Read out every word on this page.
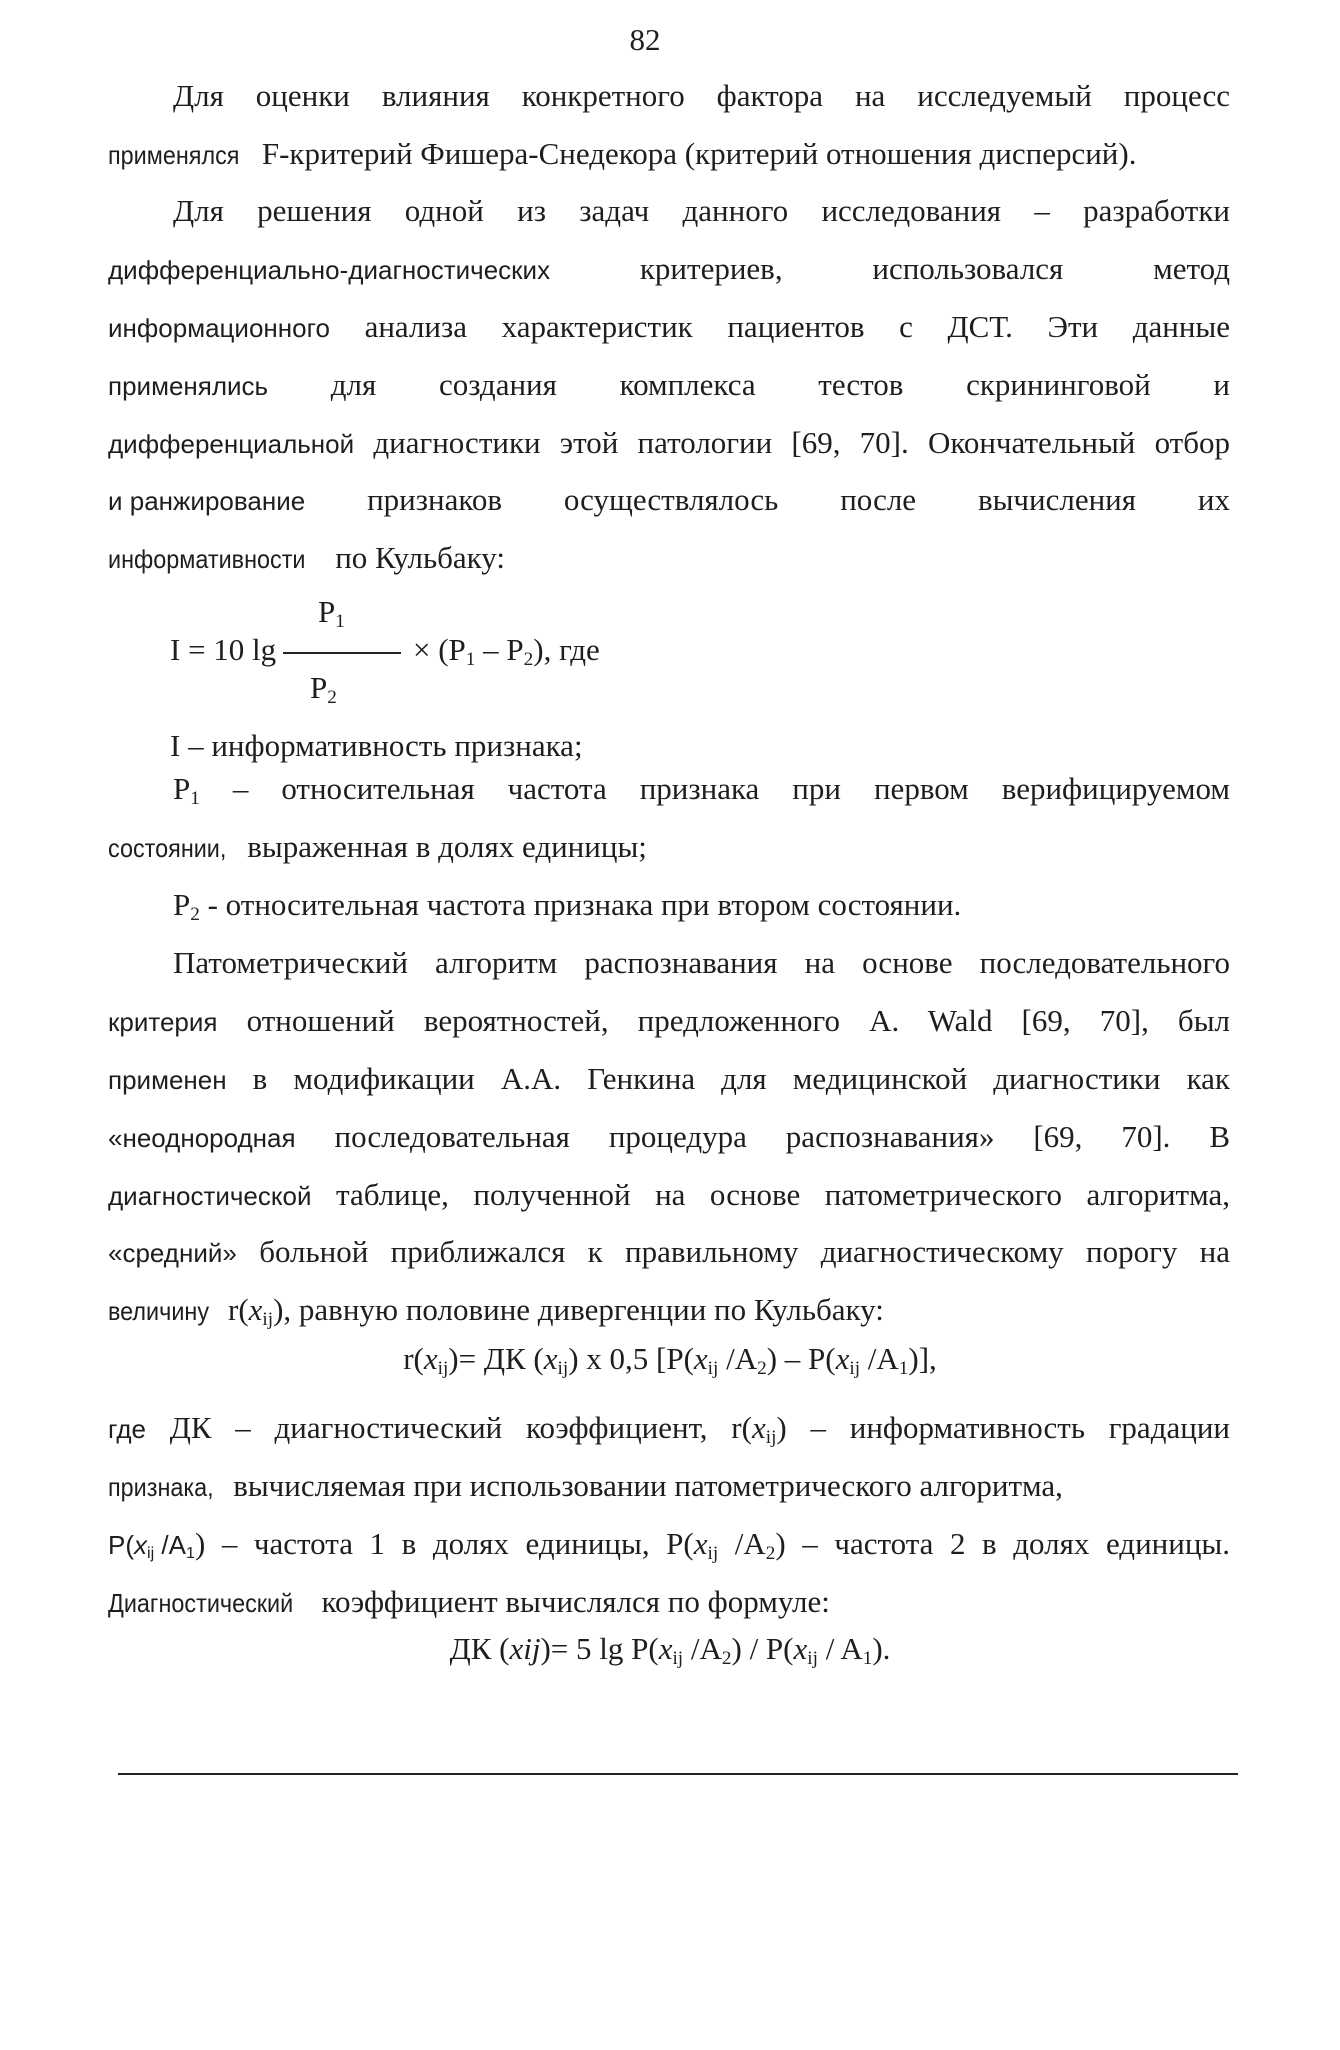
82
Для оценки влияния конкретного фактора на исследуемый процесс
применялся F-критерий Фишера-Снедекора (критерий отношения дисперсий).
Для решения одной из задач данного исследования – разработки
дифференциально-диагностических	критериев, использовался метод
информационного анализа характеристик пациентов с ДСТ. Эти данные
применялись для создания комплекса тестов скрининговой и
дифференциальной диагностики этой патологии [69, 70]. Окончательный отбор
и ранжирование признаков осуществлялось после вычисления их
информативности по Кульбаку:
$P_1$
I = 10 lg	× $(P_1 - P_2)$, где
$P_2$
I – информативность признака;
$P_1$ – относительная частота признака при первом верифицируемом
состоянии, выраженная в долях единицы;
$P_2$ - относительная частота признака при втором состоянии.
Патометрический алгоритм распознавания на основе последовательного
критерия отношений вероятностей, предложенного A. Wald [69, 70], был
применен в модификации А.А. Генкина для медицинской диагностики как
«неоднородная последовательная процедура распознавания» [69, 70]. В
диагностической таблице, полученной на основе патометрического алгоритма,
«средний» больной приближался к правильному диагностическому порогу на
величину $r(x_{ij})$, равную половине дивергенции по Кульбаку:
$r(x_{ij})=$ ДК $(x_{ij})$ x 0,5 [$P(x_{ij}$ $/A_2) - P(x_{ij}$ $/A_1$)],
где ДК – диагностический коэффициент, $r(x_{ij})$ – информативность градации
признака, вычисляемая при использовании патометрического алгоритма,
$P(x_{ij}$ $/A_1$) – частота 1 в долях единицы, $P(x_{ij}$ $/A_2$) – частота 2 в долях единицы.
Диагностический коэффициент вычислялся по формуле:
ДК (xij)= 5 $\lg P(x_{ij}$ $/A_2) / P(x_{ij} / A_1)$.
